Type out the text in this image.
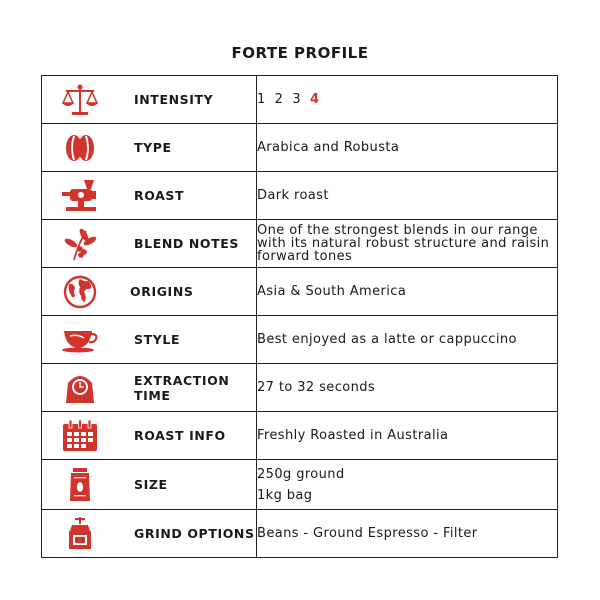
FORTE PROFILE
INTENSITY	1 2 3 4

TYPE	Arabica and Robusta

ROAST	Dark roast

BLEND NOTES	One of the strongest blends in our range with its natural robust structure and raisin forward tones

ORIGINS	Asia & South America

STYLE	Best enjoyed as a latte or cappuccino

EXTRACTION TIME	27 to 32 seconds

ROAST INFO	Freshly Roasted in Australia

SIZE	250g ground
1kg bag

GRIND OPTIONS	Beans - Ground Espresso - Filter
